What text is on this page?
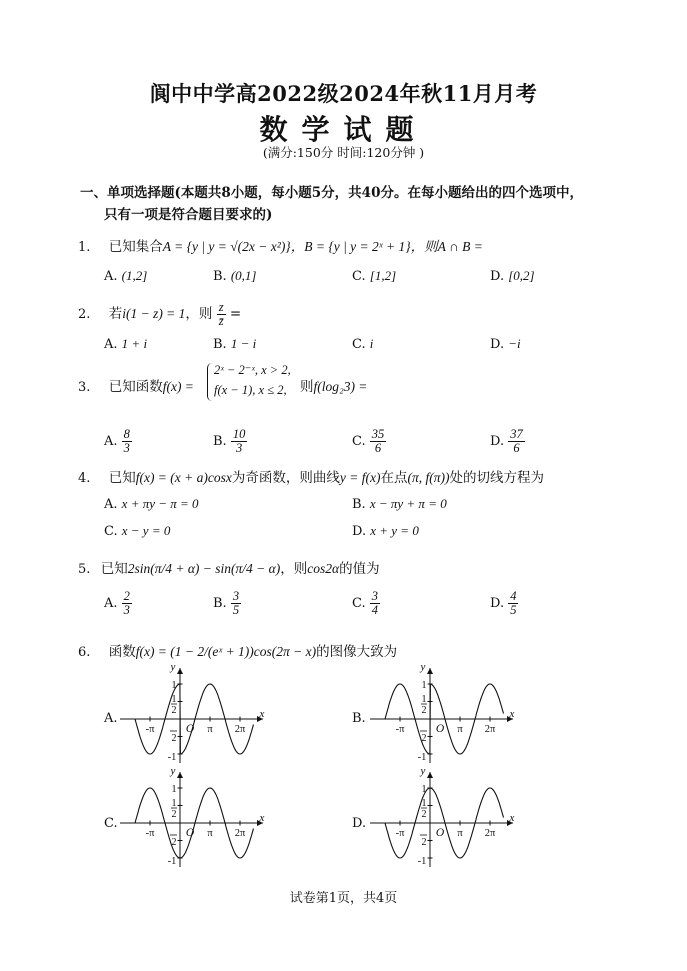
阆中中学高2022级2024年秋11月月考
数学试题
(满分:150分 时间:120分钟 )
一、单项选择题(本题共8小题，每小题5分，共40分。在每小题给出的四个选项中，
只有一项是符合题目要求的)
1. 已知集合A = {y | y = √(2x − x²)}，B = {y | y = 2ˣ + 1}，则A ∩ B =
A. (1,2]	B. (0,1]	C. [1,2]	D. [0,2]
2. 若i(1 − z) = 1，则 $\frac{z}{z̄}$ =
A. 1 + i	B. 1 − i	C. i	D. −i
3. 已知函数f(x) =
2ˣ − 2⁻ˣ, x > 2,
f(x − 1), x ≤ 2, 则f(log₂3) =
A. $\frac{8}{3}$	B. $\frac{10}{3}$	C. $\frac{35}{6}$	D. $\frac{37}{6}$
4. 已知f(x) = (x + a)cosx为奇函数，则曲线y = f(x)在点(π, f(π))处的切线方程为
A. x + πy − π = 0	B. x − πy + π = 0
C. x − y = 0	D. x + y = 0
5. 已知2sin(π/4 + α) − sin(π/4 − α)，则cos2α的值为
A. $\frac{2}{3}$	B. $\frac{3}{5}$	C. $\frac{3}{4}$	D. $\frac{4}{5}$
6. 函数f(x) = (1 − 2/(eˣ + 1))cos(2π − x)的图像大致为
A.	B.
C.	D.
y
x
O
1
1
2
2
-1
-π	π 2π
y
x
O
1
1
2
2
-1
-π	π 2π
y
x
O
1
1
2
2
-1
-π	π 2π
y
x
O
1
1
2
2
-1
-π	π 2π
试卷第1页，共4页
